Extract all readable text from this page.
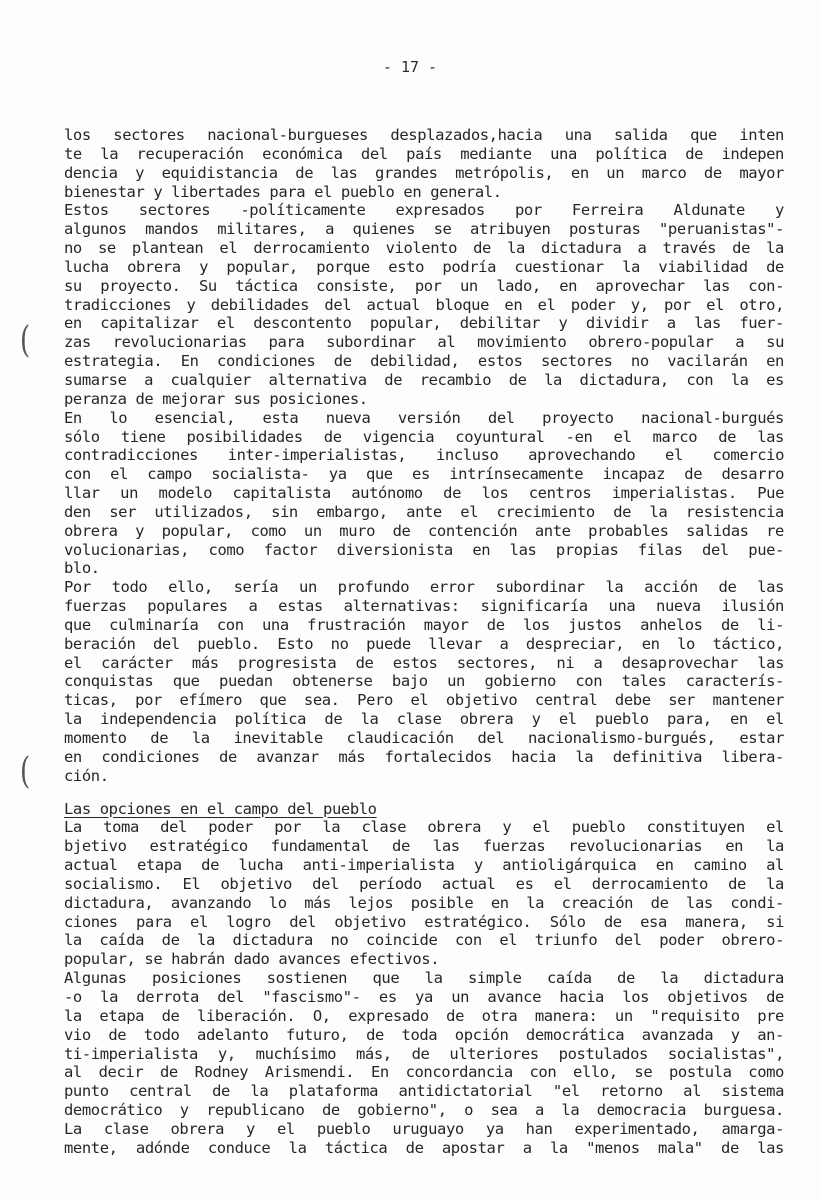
- 17 -
(
(
los sectores nacional-burgueses desplazados,hacia una salida que inten
te la recuperación económica del país mediante una política de indepen
dencia y equidistancia de las grandes metrópolis, en un marco de mayor
bienestar y libertades para el pueblo en general.
Estos sectores -políticamente expresados por Ferreira Aldunate y
algunos mandos militares, a quienes se atribuyen posturas "peruanistas"-
no se plantean el derrocamiento violento de la dictadura a través de la
lucha obrera y popular, porque esto podría cuestionar la viabilidad de
su proyecto. Su táctica consiste, por un lado, en aprovechar las con-
tradicciones y debilidades del actual bloque en el poder y, por el otro,
en capitalizar el descontento popular, debilitar y dividir a las fuer-
zas revolucionarias para subordinar al movimiento obrero-popular a su
estrategia. En condiciones de debilidad, estos sectores no vacilarán en
sumarse a cualquier alternativa de recambio de la dictadura, con la es
peranza de mejorar sus posiciones.
En lo esencial, esta nueva versión del proyecto nacional-burgués
sólo tiene posibilidades de vigencia coyuntural -en el marco de las
contradicciones inter-imperialistas, incluso aprovechando el comercio
con el campo socialista- ya que es intrínsecamente incapaz de desarro
llar un modelo capitalista autónomo de los centros imperialistas. Pue
den ser utilizados, sin embargo, ante el crecimiento de la resistencia
obrera y popular, como un muro de contención ante probables salidas re
volucionarias, como factor diversionista en las propias filas del pue-
blo.
Por todo ello, sería un profundo error subordinar la acción de las
fuerzas populares a estas alternativas: significaría una nueva ilusión
que culminaría con una frustración mayor de los justos anhelos de li-
beración del pueblo. Esto no puede llevar a despreciar, en lo táctico,
el carácter más progresista de estos sectores, ni a desaprovechar las
conquistas que puedan obtenerse bajo un gobierno con tales caracterís-
ticas, por efímero que sea. Pero el objetivo central debe ser mantener
la independencia política de la clase obrera y el pueblo para, en el
momento de la inevitable claudicación del nacionalismo-burgués, estar
en condiciones de avanzar más fortalecidos hacia la definitiva libera-
ción.
Las opciones en el campo del pueblo
La toma del poder por la clase obrera y el pueblo constituyen el
bjetivo estratégico fundamental de las fuerzas revolucionarias en la
actual etapa de lucha anti-imperialista y antioligárquica en camino al
socialismo. El objetivo del período actual es el derrocamiento de la
dictadura, avanzando lo más lejos posible en la creación de las condi-
ciones para el logro del objetivo estratégico. Sólo de esa manera, si
la caída de la dictadura no coincide con el triunfo del poder obrero-
popular, se habrán dado avances efectivos.
Algunas posiciones sostienen que la simple caída de la dictadura
-o la derrota del "fascismo"- es ya un avance hacia los objetivos de
la etapa de liberación. O, expresado de otra manera: un "requisito pre
vio de todo adelanto futuro, de toda opción democrática avanzada y an-
ti-imperialista y, muchísimo más, de ulteriores postulados socialistas",
al decir de Rodney Arismendi. En concordancia con ello, se postula como
punto central de la plataforma antidictatorial "el retorno al sistema
democrático y republicano de gobierno", o sea a la democracia burguesa.
La clase obrera y el pueblo uruguayo ya han experimentado, amarga-
mente, adónde conduce la táctica de apostar a la "menos mala" de las
